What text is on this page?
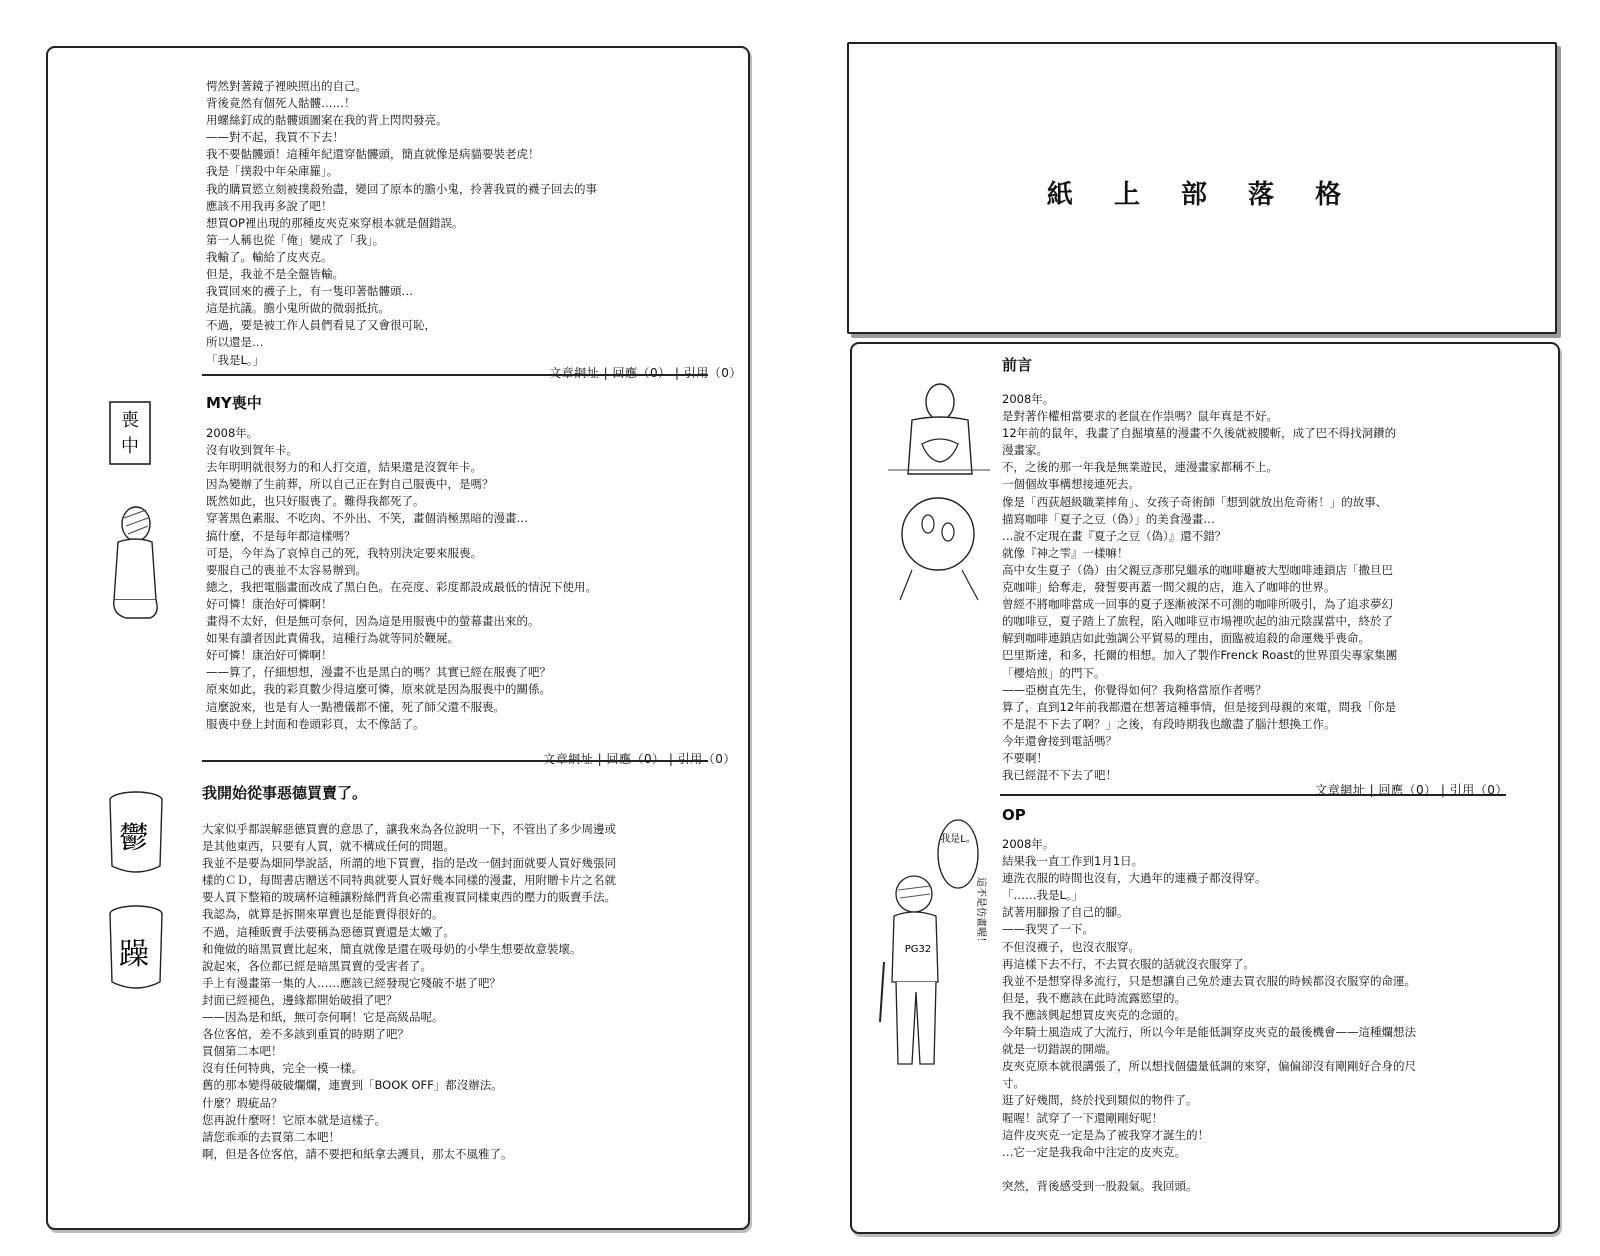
愕然對著鏡子裡映照出的自己。
背後竟然有個死人骷髏……！
用螺絲釘成的骷髏頭圖案在我的背上閃閃發亮。
——對不起，我買不下去！
我不要骷髏頭！這種年紀還穿骷髏頭，簡直就像是病貓要裝老虎！
我是「撲殺中年朵庫羅」。
我的購買慾立刻被撲殺殆盡，變回了原本的膽小鬼，拎著我買的襪子回去的事
應該不用我再多說了吧！
想買OP裡出現的那種皮夾克來穿根本就是個錯誤。
第一人稱也從「俺」變成了「我」。
我輸了。輸給了皮夾克。
但是，我並不是全盤皆輸。
我買回來的襪子上，有一隻印著骷髏頭…
這是抗議。膽小鬼所做的微弱抵抗。
不過，要是被工作人員們看見了又會很可恥，
所以還是…
「我是L。」

文章網址 | 回應（0） | 引用（0）

MY喪中
2008年。
沒有收到賀年卡。
去年明明就很努力的和人打交道，結果還是沒賀年卡。
因為變辦了生前葬，所以自己正在對自己服喪中，是嗎？
既然如此，也只好服喪了。難得我都死了。
穿著黑色素服、不吃肉、不外出、不笑，畫個消極黑暗的漫畫…
搞什麼，不是每年都這樣嗎？
可是，今年為了哀悼自己的死，我特別決定要來服喪。
要服自己的喪並不太容易辦到。
總之，我把電腦畫面改成了黑白色。在亮度、彩度都設成最低的情況下使用。
好可憐！康治好可憐啊！
畫得不太好，但是無可奈何，因為這是用服喪中的螢幕畫出來的。
如果有讀者因此責備我，這種行為就等同於鞭屍。
好可憐！康治好可憐啊！
——算了，仔細想想，漫畫不也是黑白的嗎？其實已經在服喪了吧？
原來如此，我的彩頁數少得這麼可憐，原來就是因為服喪中的關係。
這麼說來，也是有人一點禮儀都不懂，死了師父還不服喪。
服喪中登上封面和卷頭彩頁，太不像話了。
喪
中

文章網址 | 回應（0） | 引用（0）

我開始從事惡德買賣了。
大家似乎都誤解惡德買賣的意思了，讓我來為各位說明一下，不管出了多少周邊或
是其他東西，只要有人買，就不構成任何的問題。
我並不是要為畑同學說話，所謂的地下買賣，指的是改一個封面就要人買好幾張同
樣的ＣＤ，每間書店贈送不同特典就要人買好幾本同樣的漫畫，用附贈卡片之名就
要人買下整箱的玻璃杯這種讓粉絲們背負必需重複買同樣東西的壓力的販賣手法。
我認為，就算是拆開來單賣也是能賣得很好的。
不過，這種販賣手法要稱為惡德買賣還是太嫩了。
和俺做的暗黑買賣比起來，簡直就像是還在吸母奶的小學生想要故意裝壞。
說起來，各位都已經是暗黑買賣的受害者了。
手上有漫畫第一集的人……應該已經發現它殘破不堪了吧？
封面已經褪色，邊緣都開始破損了吧？
——因為是和紙，無可奈何啊！它是高級品呢。
各位客倌，差不多該到重買的時期了吧？
買個第二本吧！
沒有任何特典，完全一模一樣。
舊的那本變得破破爛爛，連賣到「BOOK OFF」都沒辦法。
什麼？瑕疵品？
您再說什麼呀！它原本就是這樣子。
請您乖乖的去買第二本吧！
啊，但是各位客倌，請不要把和紙拿去護貝，那太不風雅了。
鬱
躁
紙 上 部 落 格
前言
2008年。
是對著作權相當要求的老鼠在作祟嗎？鼠年真是不好。
12年前的鼠年，我畫了自掘墳墓的漫畫不久後就被腰斬，成了巴不得找洞鑽的
漫畫家。
不，之後的那一年我是無業遊民，連漫畫家都稱不上。
一個個故事構想接連死去。
像是「西荻超級職業摔角」、女孩子奇術師「想到就放出危奇術！」的故事、
描寫咖啡「夏子之豆（偽）」的美食漫畫…
…說不定現在畫『夏子之豆（偽）』還不錯？
就像『神之雫』一樣嘛！
高中女生夏子（偽）由父親豆彥那兒繼承的咖啡廳被大型咖啡連鎖店「撒旦巴
克咖啡」給奪走，發誓要再蓋一間父親的店，進入了咖啡的世界。
曾經不將咖啡當成一回事的夏子逐漸被深不可測的咖啡所吸引，為了追求夢幻
的咖啡豆，夏子踏上了旅程，陷入咖啡豆市場裡吹起的油元陰謀當中，終於了
解到咖啡連鎖店如此強調公平貿易的理由，面臨被追殺的命運幾乎喪命。
巴里斯達，和多，托爾的相想。加入了製作Frenck Roast的世界頂尖專家集團
「櫻焙煎」的門下。
——亞樹直先生，你覺得如何？我夠格當原作者嗎？
算了，直到12年前我都還在想著這種事情，但是接到母親的來電，問我「你是
不是混不下去了啊？」之後，有段時期我也繳盡了腦汁想換工作。
今年還會接到電話嗎？
不要啊！
我已經混不下去了吧！

文章網址 | 回應（0） | 引用（0）

OP
2008年。
結果我一直工作到1月1日。
連洗衣服的時間也沒有，大過年的連襪子都沒得穿。
「……我是L。」
試著用腳撥了自己的腳。
——我哭了一下。
不但沒襪子，也沒衣服穿。
再這樣下去不行，不去買衣服的話就沒衣服穿了。
我並不是想穿得多流行，只是想讓自己免於連去買衣服的時候都沒衣服穿的命運。
但是，我不應該在此時流露慾望的。
我不應該興起想買皮夾克的念頭的。
今年騎士風造成了大流行，所以今年是能低調穿皮夾克的最後機會——這種爛想法
就是一切錯誤的開端。
皮夾克原本就很講張了，所以想找個儘量低調的來穿，偏偏卻沒有剛剛好合身的尺
寸。
逛了好幾間，終於找到類似的物件了。
喔喔！試穿了一下還剛剛好呢！
這件皮夾克一定是為了被我穿才誕生的！
…它一定是我我命中注定的皮夾克。

突然，背後感受到一股殺氣。我回頭。
我是L。
這不是仿畫喔！
PG32
